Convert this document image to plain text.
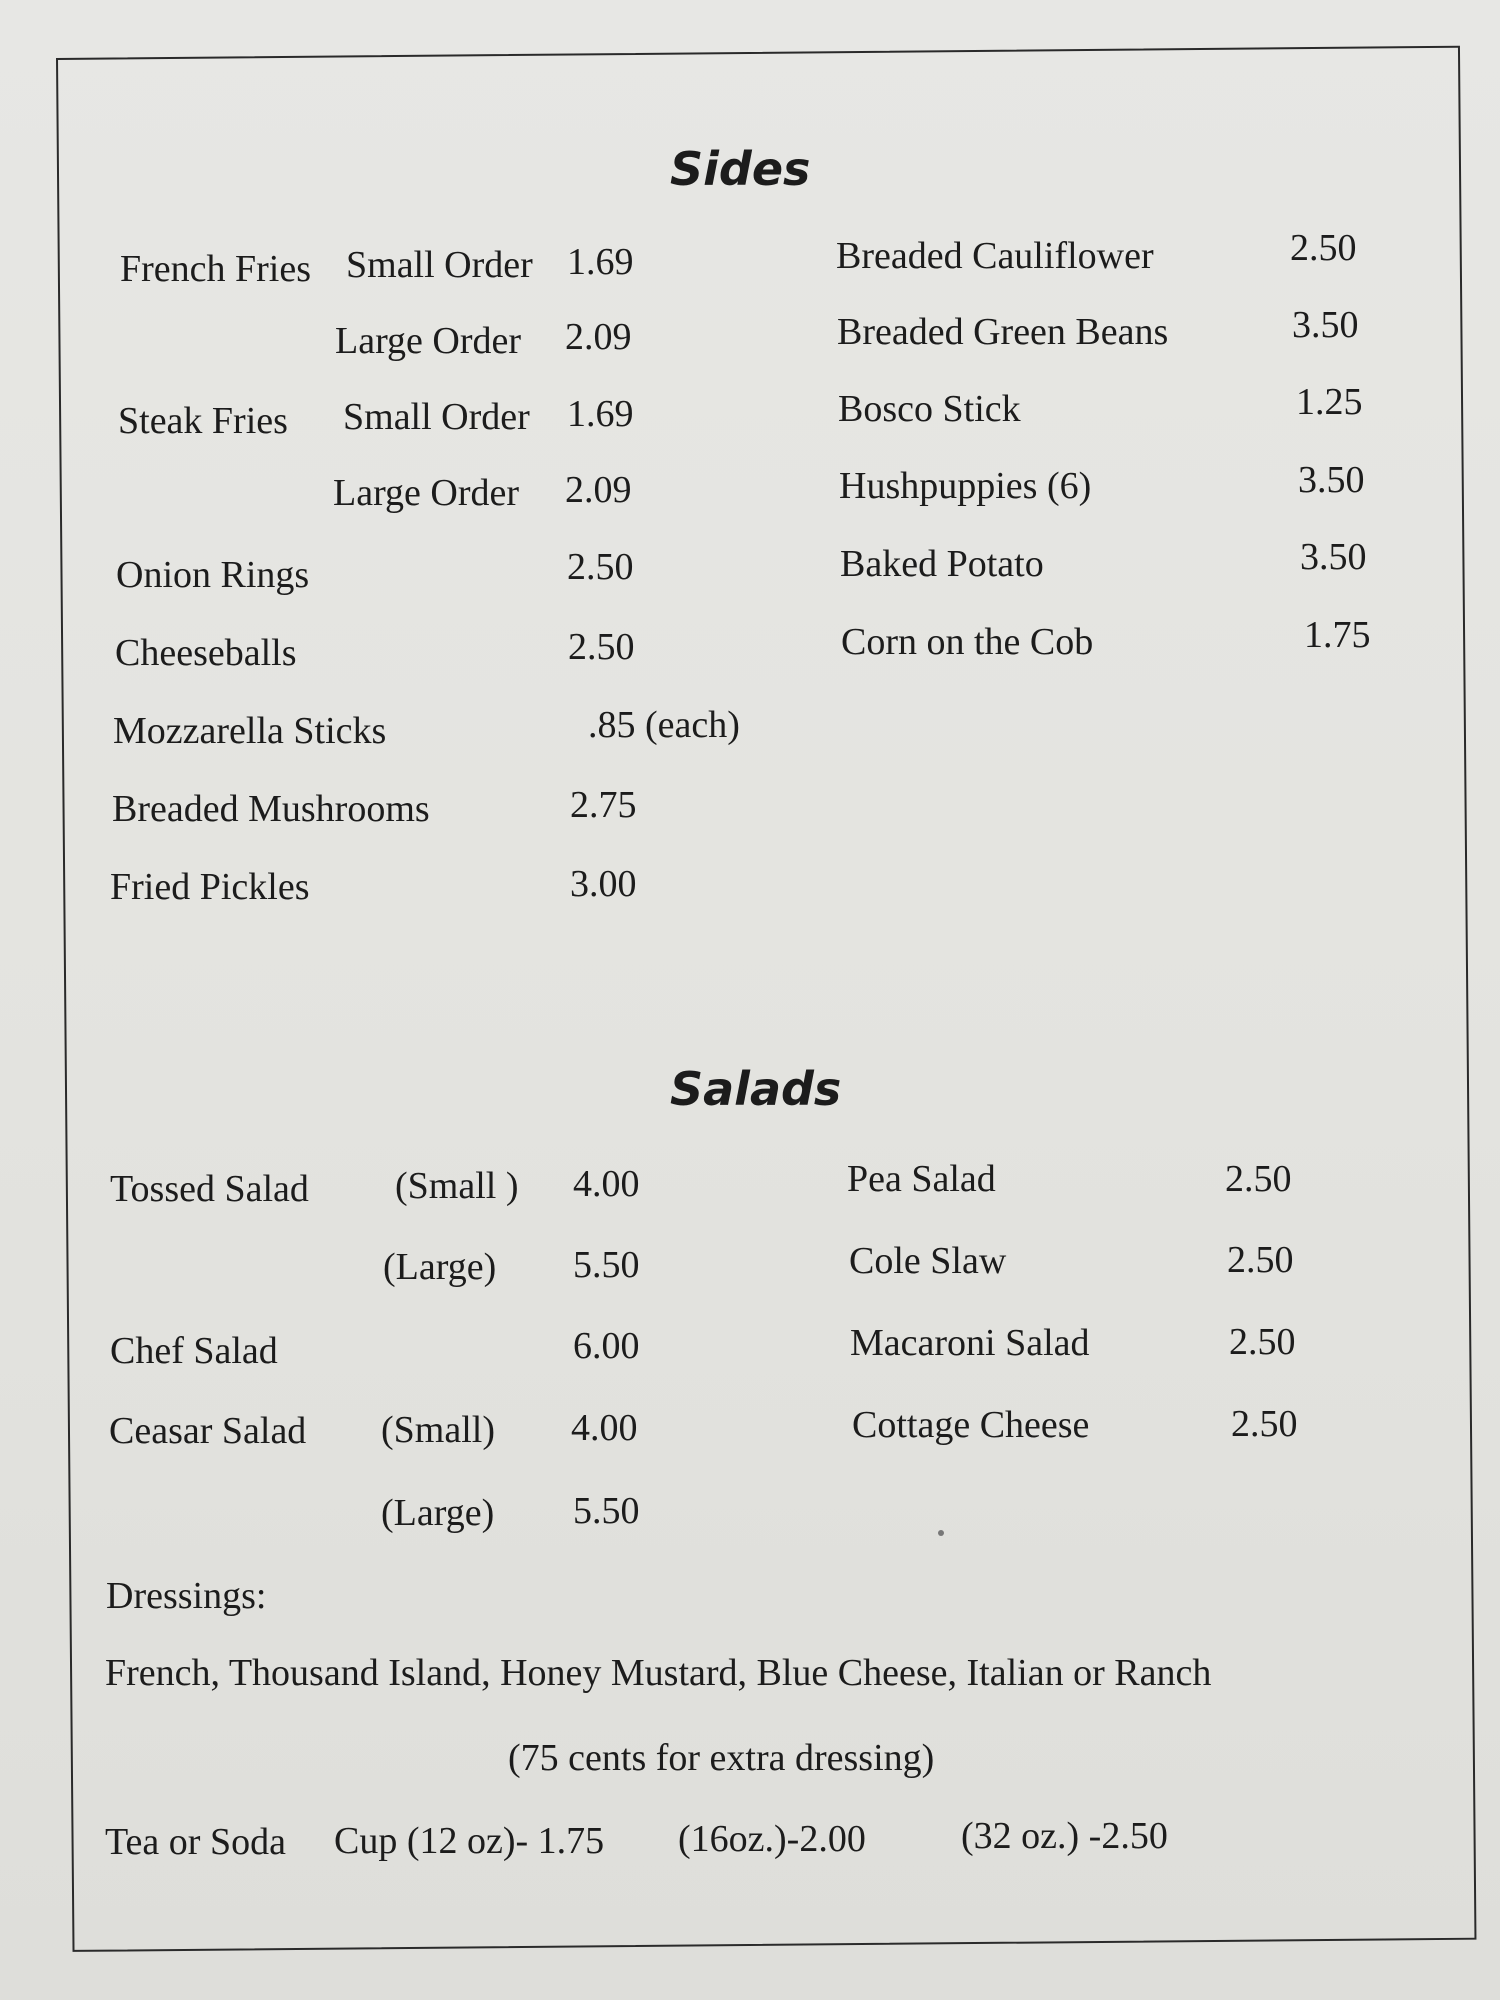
Sides
French Fries Small Order 1.69
Large Order 2.09
Steak Fries Small Order 1.69
Large Order 2.09
Onion Rings	2.50
Cheeseballs	2.50
Mozzarella Sticks	.85 (each)
Breaded Mushrooms	2.75
Fried Pickles	3.00
Breaded Cauliflower	2.50
Breaded Green Beans	3.50
Bosco Stick	1.25
Hushpuppies (6)	3.50
Baked Potato	3.50
Corn on the Cob	1.75
Salads
Tossed Salad (Small ) 4.00
(Large) 5.50
Chef Salad	6.00
Ceasar Salad (Small) 4.00
(Large) 5.50
Pea Salad	2.50
Cole Slaw	2.50
Macaroni Salad	2.50
Cottage Cheese	2.50
Dressings:
French, Thousand Island, Honey Mustard, Blue Cheese, Italian or Ranch
(75 cents for extra dressing)
Tea or Soda Cup (12 oz)- 1.75 (16oz.)-2.00	(32 oz.) -2.50
